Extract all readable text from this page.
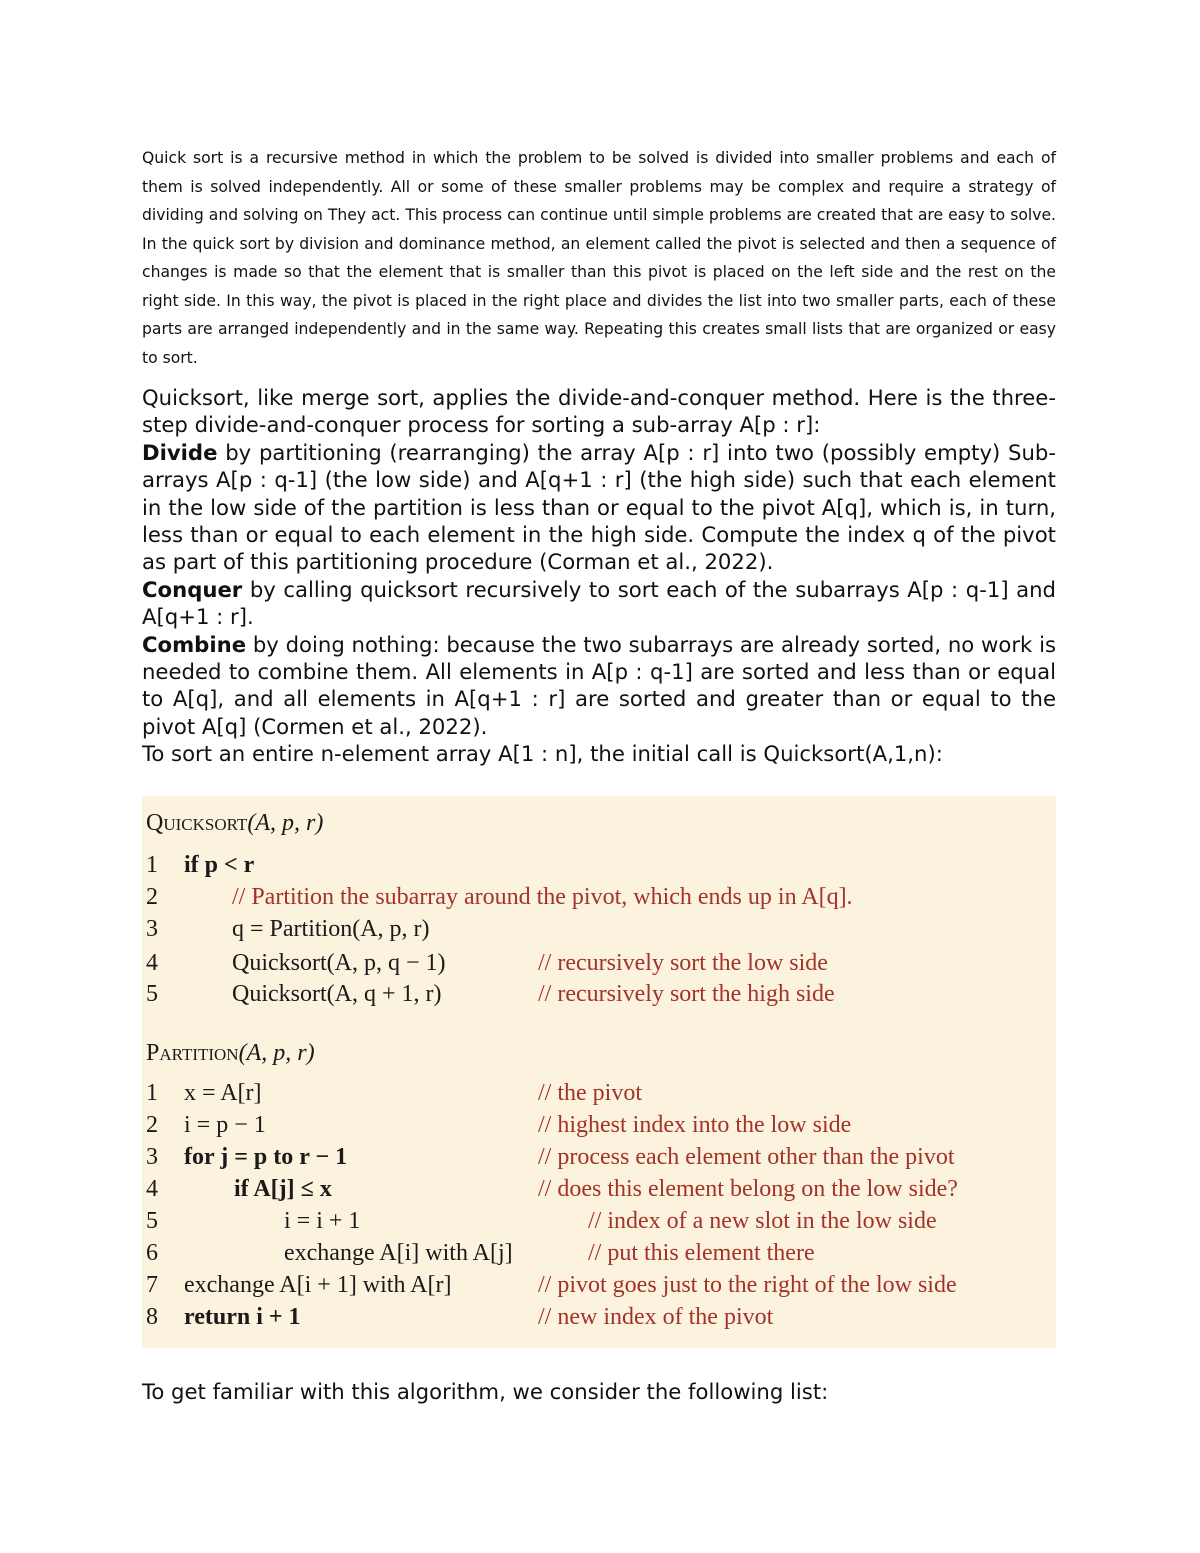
Quick sort is a recursive method in which the problem to be solved is divided into smaller problems and each of them is solved independently. All or some of these smaller problems may be complex and require a strategy of dividing and solving on They act. This process can continue until simple problems are created that are easy to solve. In the quick sort by division and dominance method, an element called the pivot is selected and then a sequence of changes is made so that the element that is smaller than this pivot is placed on the left side and the rest on the right side. In this way, the pivot is placed in the right place and divides the list into two smaller parts, each of these parts are arranged independently and in the same way. Repeating this creates small lists that are organized or easy to sort.

Quicksort, like merge sort, applies the divide-and-conquer method. Here is the three-step divide-and-conquer process for sorting a sub-array A[p : r]:

Divide by partitioning (rearranging) the array A[p : r] into two (possibly empty) Sub-arrays A[p : q-1] (the low side) and A[q+1 : r] (the high side) such that each element in the low side of the partition is less than or equal to the pivot A[q], which is, in turn, less than or equal to each element in the high side. Compute the index q of the pivot as part of this partitioning procedure (Corman et al., 2022).

Conquer by calling quicksort recursively to sort each of the subarrays A[p : q-1] and A[q+1 : r].

Combine by doing nothing: because the two subarrays are already sorted, no work is needed to combine them. All elements in A[p : q-1] are sorted and less than or equal to A[q], and all elements in A[q+1 : r] are sorted and greater than or equal to the pivot A[q] (Cormen et al., 2022).

To sort an entire n-element array A[1 : n], the initial call is Quicksort(A,1,n):

Quicksort(A, p, r)
1 if p < r
2	// Partition the subarray around the pivot, which ends up in A[q].
3	q = Partition(A, p, r)
4	Quicksort(A, p, q − 1)	// recursively sort the low side
5	Quicksort(A, q + 1, r)	// recursively sort the high side
Partition(A, p, r)
1 x = A[r]	// the pivot
2 i = p − 1	// highest index into the low side
3 for j = p to r − 1	// process each element other than the pivot
4	if A[j] ≤ x	// does this element belong on the low side?
5	i = i + 1	// index of a new slot in the low side
6	exchange A[i] with A[j]	// put this element there
7 exchange A[i + 1] with A[r]	// pivot goes just to the right of the low side
8 return i + 1	// new index of the pivot

To get familiar with this algorithm, we consider the following list:
